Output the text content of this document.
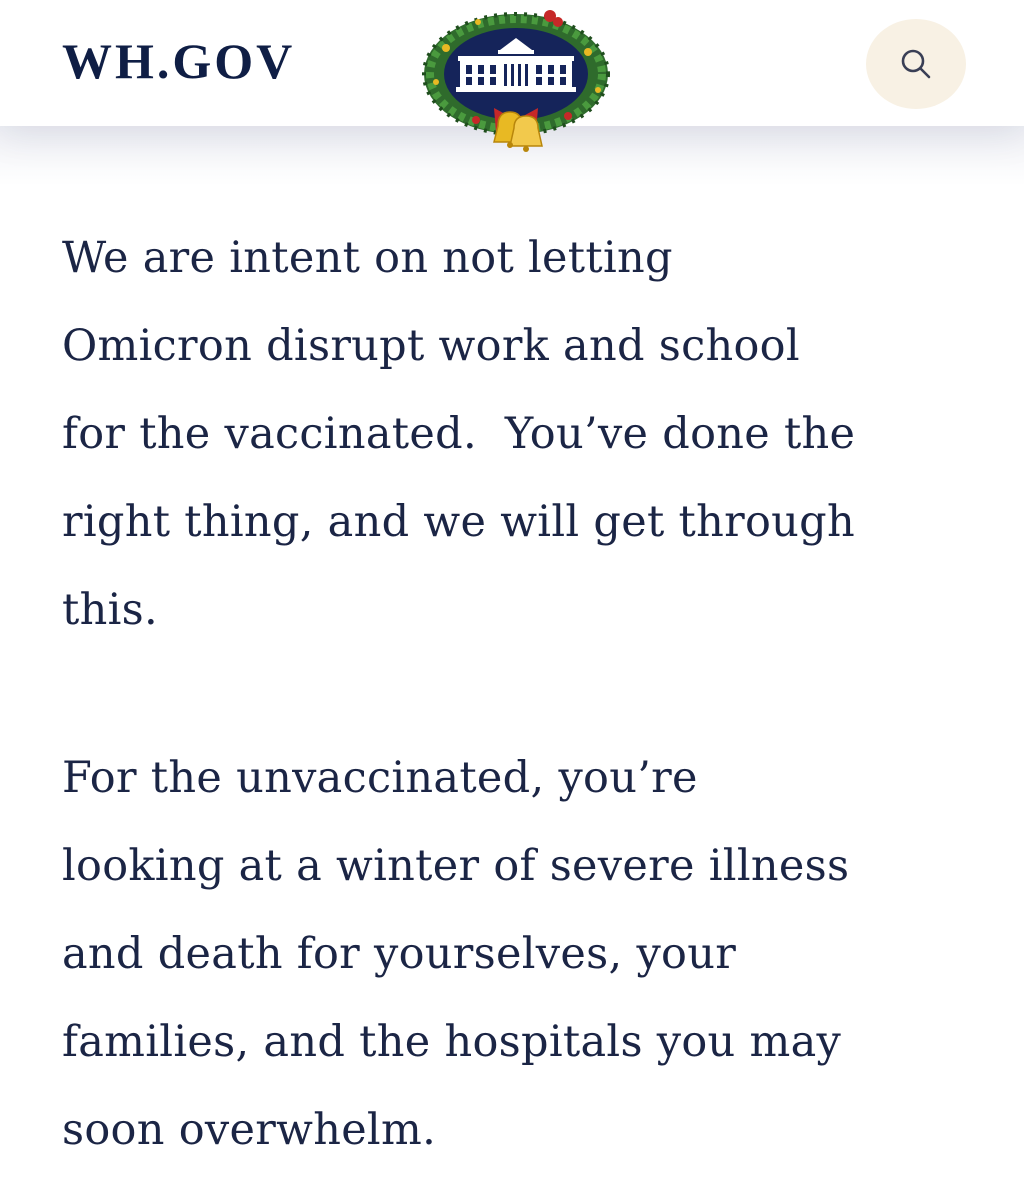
WH.GOV

We are intent on not letting
Omicron disrupt work and school
for the vaccinated.  You’ve done the
right thing, and we will get through
this.

For the unvaccinated, you’re
looking at a winter of severe illness
and death for yourselves, your
families, and the hospitals you may
soon overwhelm.
